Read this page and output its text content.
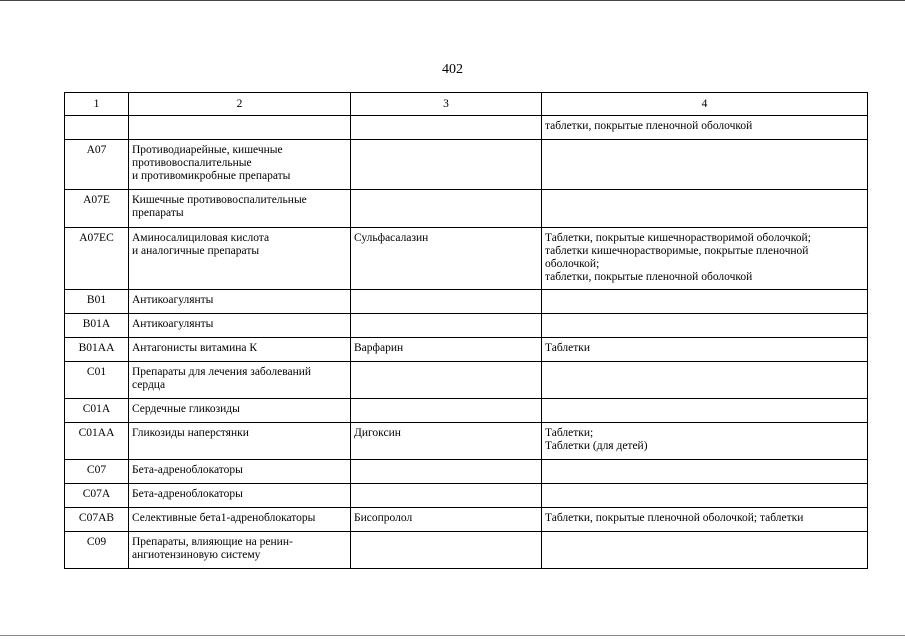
402
1	2	3	4
			таблетки, покрытые пленочной оболочкой
A07	Противодиарейные, кишечные
противовоспалительные
и противомикробные препараты		
A07E	Кишечные противовоспалительные
препараты		
A07EC	Аминосалициловая кислота
и аналогичные препараты	Сульфасалазин	Таблетки, покрытые кишечнорастворимой оболочкой;
таблетки кишечнорастворимые, покрытые пленочной
оболочкой;
таблетки, покрытые пленочной оболочкой
B01	Антикоагулянты		
B01A	Антикоагулянты		
B01AA	Антагонисты витамина К	Варфарин	Таблетки
C01	Препараты для лечения заболеваний
сердца		
C01A	Сердечные гликозиды		
C01AA	Гликозиды наперстянки	Дигоксин	Таблетки;
Таблетки (для детей)
C07	Бета-адреноблокаторы		
C07A	Бета-адреноблокаторы		
C07AB	Селективные бета1-адреноблокаторы	Бисопролол	Таблетки, покрытые пленочной оболочкой; таблетки
C09	Препараты, влияющие на ренин-
ангиотензиновую систему		
